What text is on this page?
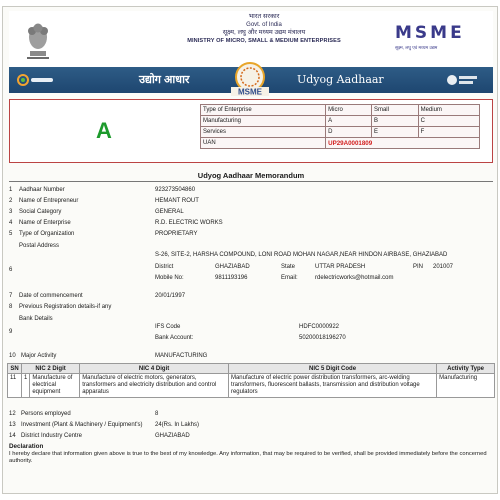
भारत सरकार
Govt. of India
सूक्ष्म, लघु और मध्यम उद्यम मंत्रालय
MINISTRY OF MICRO, SMALL & MEDIUM ENTERPRISES	MSME
सूक्ष्म, लघु एवं मध्यम उद्यम
उद्योग आधार
MSME
Udyog Aadhaar
A
Type of Enterprise	Micro	Small	Medium
Manufacturing	A	B	C
Services	D	E	F
UAN	UP29A0001809		
Udyog Aadhaar Memorandum
1 Aadhaar Number	923273504860
2 Name of Entrepreneur	HEMANT ROUT
3 Social Category	GENERAL
4 Name of Enterprise	R.D. ELECTRIC WORKS
5 Type of Organization	PROPRIETARY
Postal Address
6
S-26, SITE-2, HARSHA COMPOUND, LONI ROAD MOHAN NAGAR,NEAR HINDON AIRBASE, GHAZIABAD
District	GHAZIABAD	State	UTTAR PRADESH	PIN 201007
Mobile No:	9811193196	Email:	rdelectricworks@hotmail.com
7 Date of commencement	20/01/1997
8 Previous Registration details-if any
Bank Details
9
IFS Code	HDFC0000922
Bank Account:	50200018196270
10 Major Activity	MANUFACTURING
SN	NIC 2 Digit		NIC 4 Digit	NIC 5 Digit Code	Activity Type
11	1	Manufacture of electrical equipment	Manufacture of electric motors, generators, transformers and electricity distribution and control apparatus	Manufacture of electric power distribution transformers, arc-welding transformers, fluorescent ballasts, transmission and distribution voltage regulators	Manufacturing
12 Persons employed	8
13 Investment (Plant & Machinery / Equipment's) 24(Rs. In Lakhs)
14 District Industry Centre	GHAZIABAD
Declaration
I hereby declare that information given above is true to the best of my knowledge. Any information, that may be required to be verified, shall be provided immediately before the concerned authority.
